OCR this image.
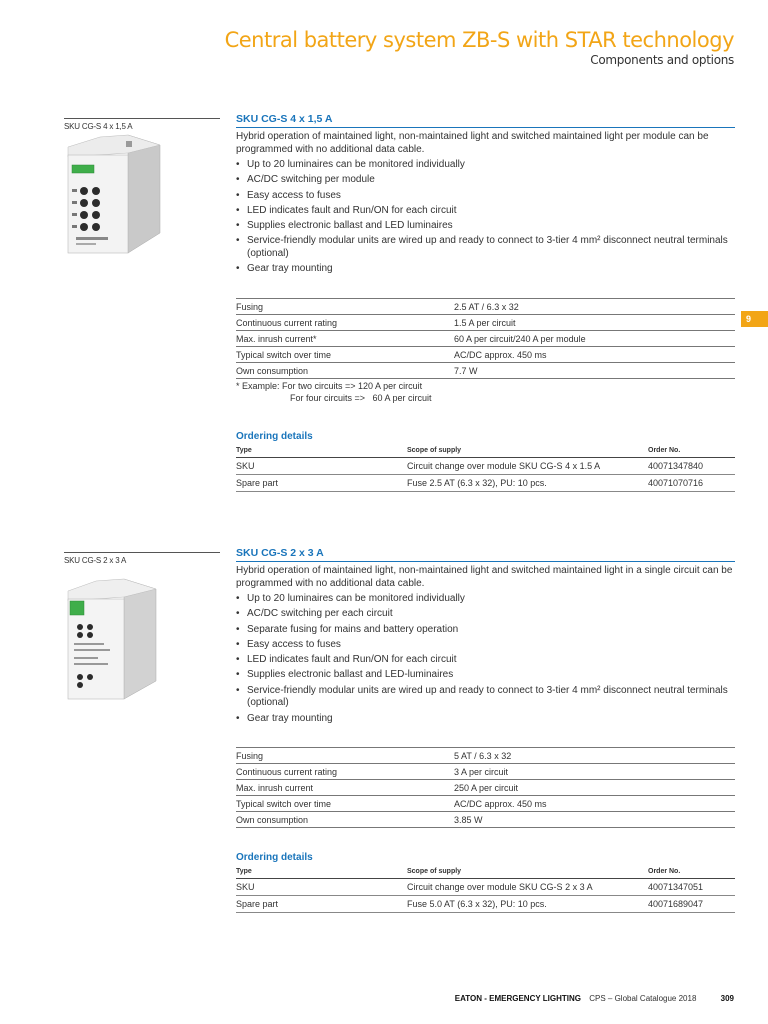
Central battery system ZB-S with STAR technology
Components and options
9
SKU CG-S 4 x 1,5 A
SKU CG-S 4 x 1,5 A
Hybrid operation of maintained light, non-maintained light and switched maintained light per module can be programmed with no additional data cable.
• Up to 20 luminaires can be monitored individually
• AC/DC switching per module
• Easy access to fuses
• LED indicates fault and Run/ON for each circuit
• Supplies electronic ballast and LED luminaires
• Service-friendly modular units are wired up and ready to connect to 3-tier 4 mm² disconnect neutral terminals (optional)
• Gear tray mounting
Fusing	2.5 AT / 6.3 x 32
Continuous current rating	1.5 A per circuit
Max. inrush current*	60 A per circuit/240 A per module
Typical switch over time	AC/DC approx. 450 ms
Own consumption	7.7 W
* Example: For two circuits => 120 A per circuit
For four circuits =>   60 A per circuit
Ordering details
Type	Scope of supply	Order No.
SKU	Circuit change over module SKU CG-S 4 x 1.5 A	40071347840
Spare part	Fuse 2.5 AT (6.3 x 32), PU: 10 pcs.	40071070716
SKU CG-S 2 x 3 A
SKU CG-S 2 x 3 A
Hybrid operation of maintained light, non-maintained light and switched maintained light in a single circuit can be programmed with no additional data cable.
• Up to 20 luminaires can be monitored individually
• AC/DC switching per each circuit
• Separate fusing for mains and battery operation
• Easy access to fuses
• LED indicates fault and Run/ON for each circuit
• Supplies electronic ballast and LED-luminaires
• Service-friendly modular units are wired up and ready to connect to 3-tier 4 mm² disconnect neutral terminals (optional)
• Gear tray mounting
Fusing	5 AT / 6.3 x 32
Continuous current rating	3 A per circuit
Max. inrush current	250 A per circuit
Typical switch over time	AC/DC approx. 450 ms
Own consumption	3.85 W
Ordering details
Type	Scope of supply	Order No.
SKU	Circuit change over module SKU CG-S 2 x 3 A	40071347051
Spare part	Fuse 5.0 AT (6.3 x 32), PU: 10 pcs.	40071689047
EATON - EMERGENCY LIGHTING CPS – Global Catalogue 2018	309
